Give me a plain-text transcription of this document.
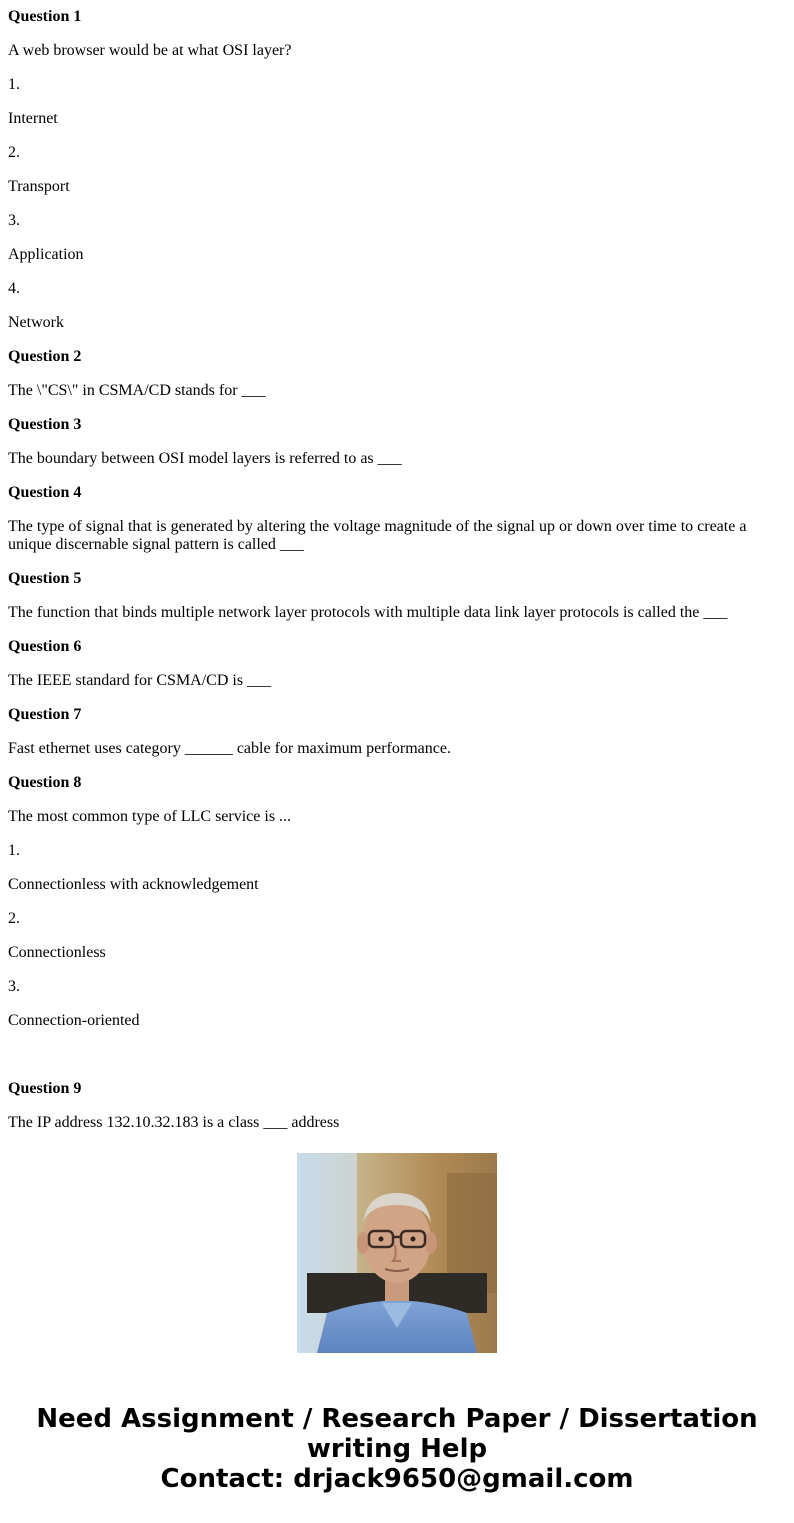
Question 1

A web browser would be at what OSI layer?

1.

Internet

2.

Transport

3.

Application

4.

Network

Question 2

The \"CS\" in CSMA/CD stands for ___

Question 3

The boundary between OSI model layers is referred to as ___

Question 4

The type of signal that is generated by altering the voltage magnitude of the signal up or down over time to create a unique discernable signal pattern is called ___

Question 5

The function that binds multiple network layer protocols with multiple data link layer protocols is called the ___

Question 6

The IEEE standard for CSMA/CD is ___

Question 7

Fast ethernet uses category ______ cable for maximum performance.

Question 8

The most common type of LLC service is ...

1.

Connectionless with acknowledgement

2.

Connectionless

3.

Connection-oriented

Question 9

The IP address 132.10.32.183 is a class ___ address

Need Assignment / Research Paper / Dissertation
writing Help
Contact: drjack9650@gmail.com
